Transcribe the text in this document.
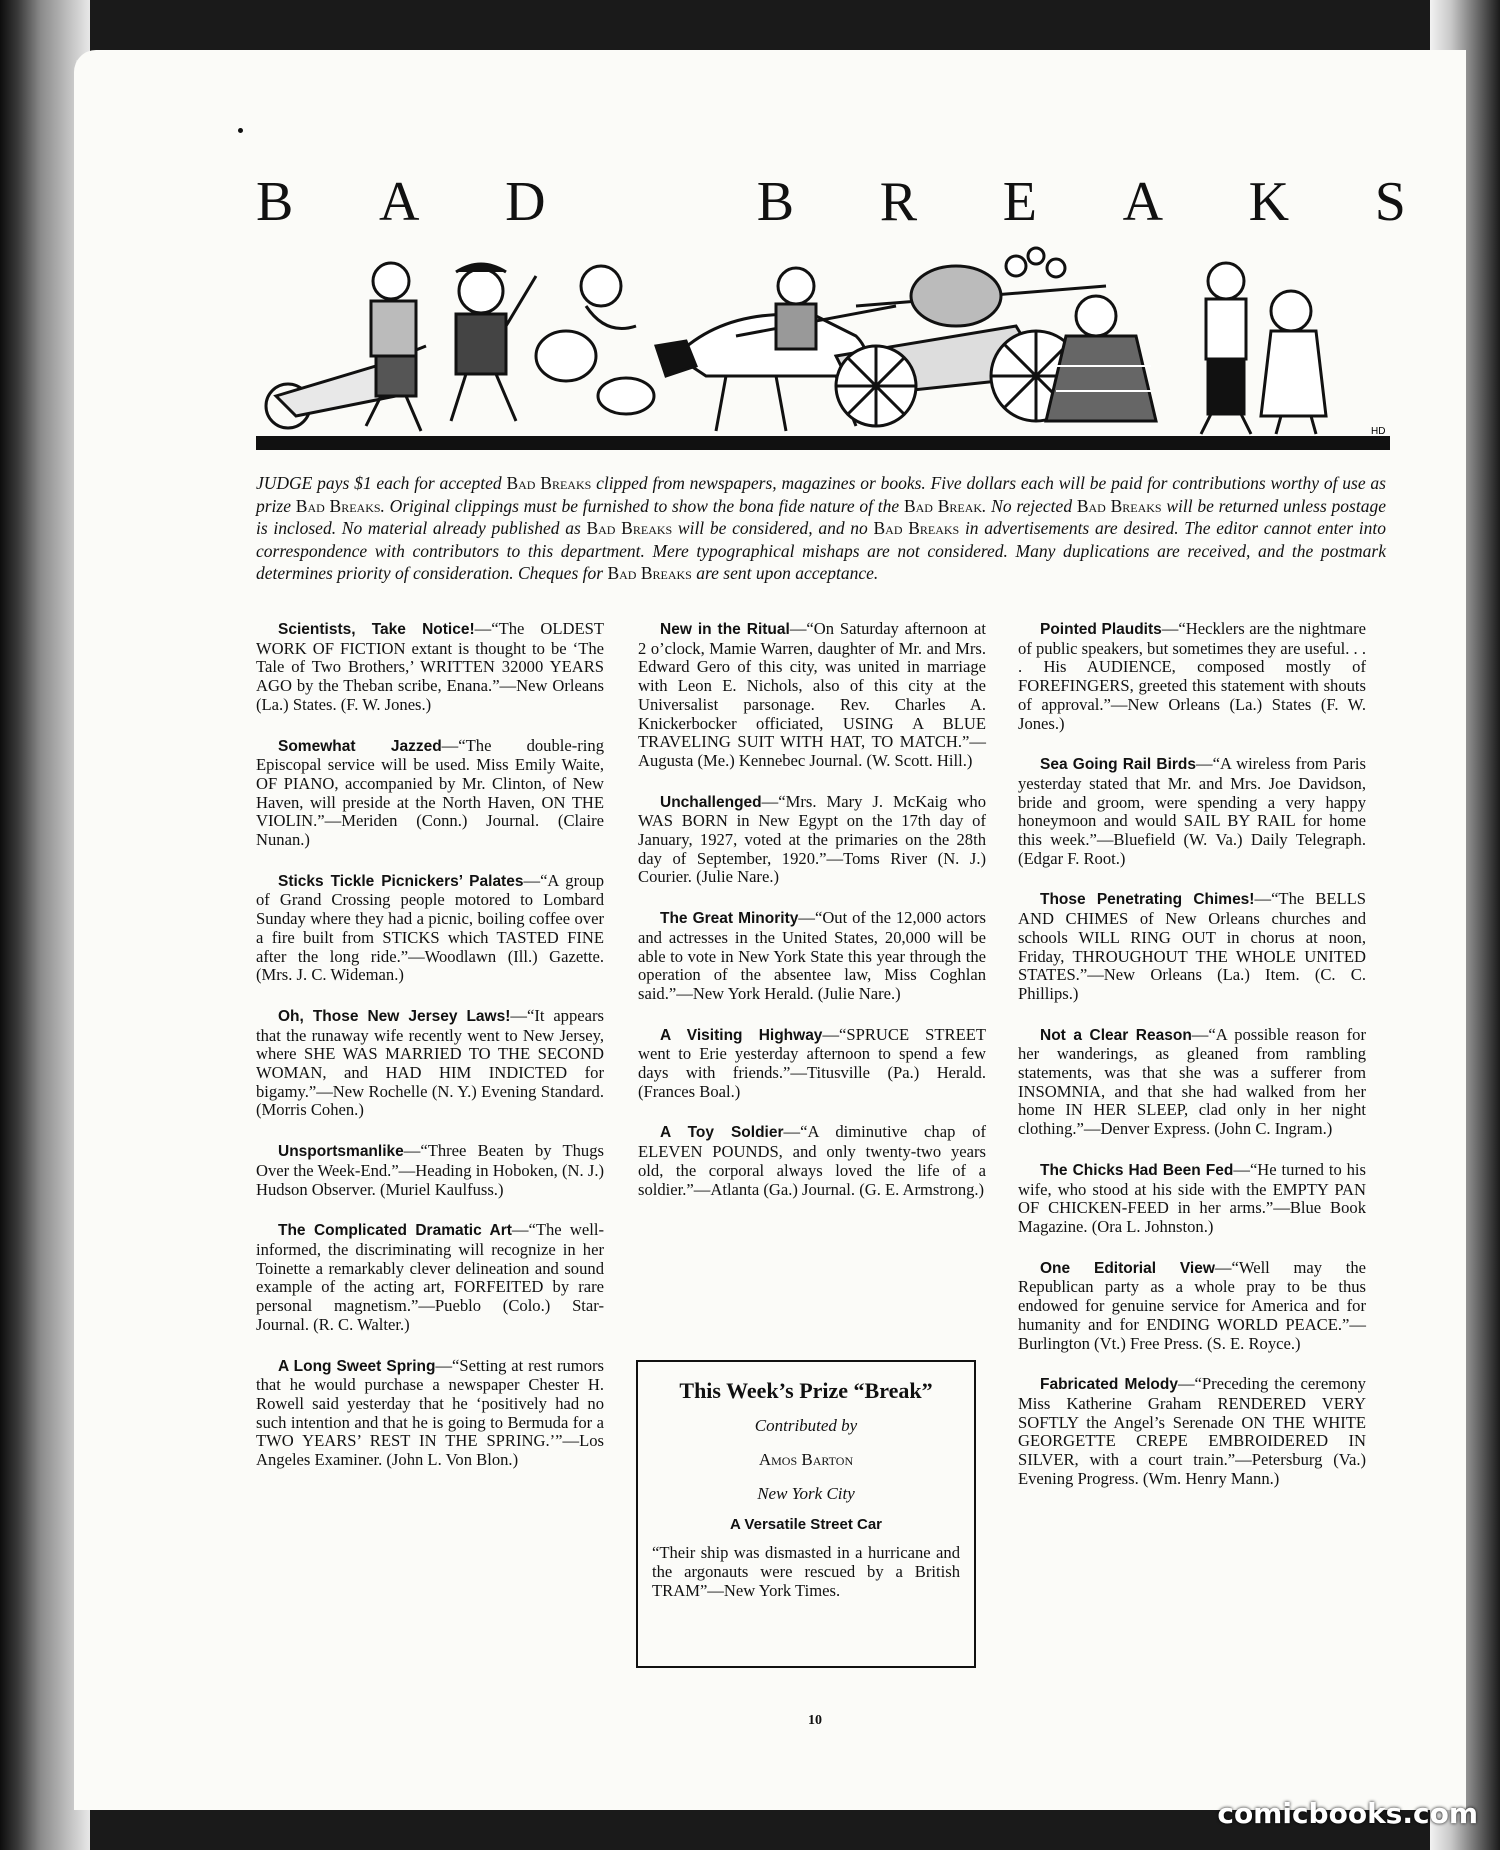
B A D	B R E A K S
HD
JUDGE pays $1 each for accepted Bad Breaks clipped from newspapers, magazines or books. Five dollars each will be paid for contributions worthy of use as prize Bad Breaks. Original clippings must be furnished to show the bona fide nature of the Bad Break. No rejected Bad Breaks will be returned unless postage is inclosed. No material already published as Bad Breaks will be considered, and no Bad Breaks in advertisements are desired. The editor cannot enter into correspondence with contributors to this department. Mere typographical mishaps are not considered. Many duplications are received, and the postmark determines priority of consideration. Cheques for Bad Breaks are sent upon acceptance.
Scientists, Take Notice!—“The OLDEST WORK OF FICTION extant is thought to be ‘The Tale of Two Brothers,’ WRITTEN 32000 YEARS AGO by the Theban scribe, Enana.”—New Orleans (La.) States. (F. W. Jones.)
Somewhat Jazzed—“The double-ring Episcopal service will be used. Miss Emily Waite, OF PIANO, accompanied by Mr. Clinton, of New Haven, will preside at the North Haven, ON THE VIOLIN.”—Meriden (Conn.) Journal. (Claire Nunan.)
Sticks Tickle Picnickers’ Palates—“A group of Grand Crossing people motored to Lombard Sunday where they had a picnic, boiling coffee over a fire built from STICKS which TASTED FINE after the long ride.”—Woodlawn (Ill.) Gazette. (Mrs. J. C. Wideman.)
Oh, Those New Jersey Laws!—“It appears that the runaway wife recently went to New Jersey, where SHE WAS MARRIED TO THE SECOND WOMAN, and HAD HIM INDICTED for bigamy.”—New Rochelle (N. Y.) Evening Standard. (Morris Cohen.)
Unsportsmanlike—“Three Beaten by Thugs Over the Week-End.”—Heading in Hoboken, (N. J.) Hudson Observer. (Muriel Kaulfuss.)
The Complicated Dramatic Art—“The well-informed, the discriminating will recognize in her Toinette a remarkably clever delineation and sound example of the acting art, FORFEITED by rare personal magnetism.”—Pueblo (Colo.) Star-Journal. (R. C. Walter.)
A Long Sweet Spring—“Setting at rest rumors that he would purchase a newspaper Chester H. Rowell said yesterday that he ‘positively had no such intention and that he is going to Bermuda for a TWO YEARS’ REST IN THE SPRING.’”—Los Angeles Examiner. (John L. Von Blon.)
New in the Ritual—“On Saturday afternoon at 2 o’clock, Mamie Warren, daughter of Mr. and Mrs. Edward Gero of this city, was united in marriage with Leon E. Nichols, also of this city at the Universalist parsonage. Rev. Charles A. Knickerbocker officiated, USING A BLUE TRAVELING SUIT WITH HAT, TO MATCH.”—Augusta (Me.) Kennebec Journal. (W. Scott. Hill.)
Unchallenged—“Mrs. Mary J. McKaig who WAS BORN in New Egypt on the 17th day of January, 1927, voted at the primaries on the 28th day of September, 1920.”—Toms River (N. J.) Courier. (Julie Nare.)
The Great Minority—“Out of the 12,000 actors and actresses in the United States, 20,000 will be able to vote in New York State this year through the operation of the absentee law, Miss Coghlan said.”—New York Herald. (Julie Nare.)
A Visiting Highway—“SPRUCE STREET went to Erie yesterday afternoon to spend a few days with friends.”—Titusville (Pa.) Herald. (Frances Boal.)
A Toy Soldier—“A diminutive chap of ELEVEN POUNDS, and only twenty-two years old, the corporal always loved the life of a soldier.”—Atlanta (Ga.) Journal. (G. E. Armstrong.)
This Week’s Prize “Break”
Contributed by
Amos Barton
New York City
A Versatile Street Car
“Their ship was dismasted in a hurricane and the argonauts were rescued by a British TRAM”—New York Times.
Pointed Plaudits—“Hecklers are the nightmare of public speakers, but sometimes they are useful. . . . His AUDIENCE, composed mostly of FOREFINGERS, greeted this statement with shouts of approval.”—New Orleans (La.) States (F. W. Jones.)
Sea Going Rail Birds—“A wireless from Paris yesterday stated that Mr. and Mrs. Joe Davidson, bride and groom, were spending a very happy honeymoon and would SAIL BY RAIL for home this week.”—Bluefield (W. Va.) Daily Telegraph. (Edgar F. Root.)
Those Penetrating Chimes!—“The BELLS AND CHIMES of New Orleans churches and schools WILL RING OUT in chorus at noon, Friday, THROUGHOUT THE WHOLE UNITED STATES.”—New Orleans (La.) Item. (C. C. Phillips.)
Not a Clear Reason—“A possible reason for her wanderings, as gleaned from rambling statements, was that she was a sufferer from INSOMNIA, and that she had walked from her home IN HER SLEEP, clad only in her night clothing.”—Denver Express. (John C. Ingram.)
The Chicks Had Been Fed—“He turned to his wife, who stood at his side with the EMPTY PAN OF CHICKEN-FEED in her arms.”—Blue Book Magazine. (Ora L. Johnston.)
One Editorial View—“Well may the Republican party as a whole pray to be thus endowed for genuine service for America and for humanity and for ENDING WORLD PEACE.”—Burlington (Vt.) Free Press. (S. E. Royce.)
Fabricated Melody—“Preceding the ceremony Miss Katherine Graham RENDERED VERY SOFTLY the Angel’s Serenade ON THE WHITE GEORGETTE CREPE EMBROIDERED IN SILVER, with a court train.”—Petersburg (Va.) Evening Progress. (Wm. Henry Mann.)
10
comicbooks.com
